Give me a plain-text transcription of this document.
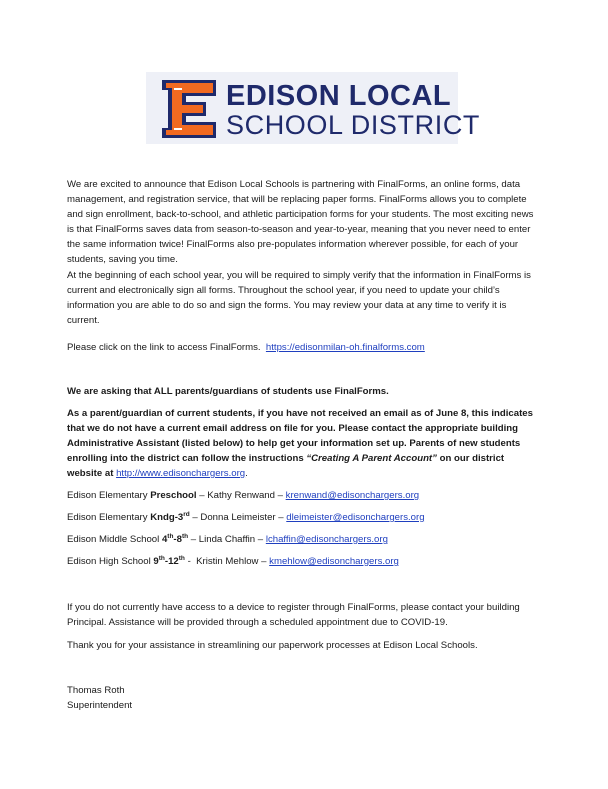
EDISON LOCAL
SCHOOL DISTRICT

We are excited to announce that Edison Local Schools is partnering with FinalForms, an online forms, data management, and registration service, that will be replacing paper forms. FinalForms allows you to complete and sign enrollment, back-to-school, and athletic participation forms for your students. The most exciting news is that FinalForms saves data from season-to-season and year-to-year, meaning that you never need to enter the same information twice! FinalForms also pre-populates information wherever possible, for each of your students, saving you time.

At the beginning of each school year, you will be required to simply verify that the information in FinalForms is current and electronically sign all forms. Throughout the school year, if you need to update your child’s information you are able to do so and sign the forms. You may review your data at any time to verify it is current.

Please click on the link to access FinalForms. https://edisonmilan-oh.finalforms.com

We are asking that ALL parents/guardians of students use FinalForms.

As a parent/guardian of current students, if you have not received an email as of June 8, this indicates that we do not have a current email address on file for you. Please contact the appropriate building Administrative Assistant (listed below) to help get your information set up. Parents of new students enrolling into the district can follow the instructions “Creating A Parent Account” on our district website at http://www.edisonchargers.org.

Edison Elementary Preschool – Kathy Renwand – krenwand@edisonchargers.org

Edison Elementary Kndg-3rd – Donna Leimeister – dleimeister@edisonchargers.org

Edison Middle School 4th-8th – Linda Chaffin – lchaffin@edisonchargers.org

Edison High School 9th-12th -  Kristin Mehlow – kmehlow@edisonchargers.org

If you do not currently have access to a device to register through FinalForms, please contact your building Principal. Assistance will be provided through a scheduled appointment due to COVID-19.

Thank you for your assistance in streamlining our paperwork processes at Edison Local Schools.

Thomas Roth

Superintendent
